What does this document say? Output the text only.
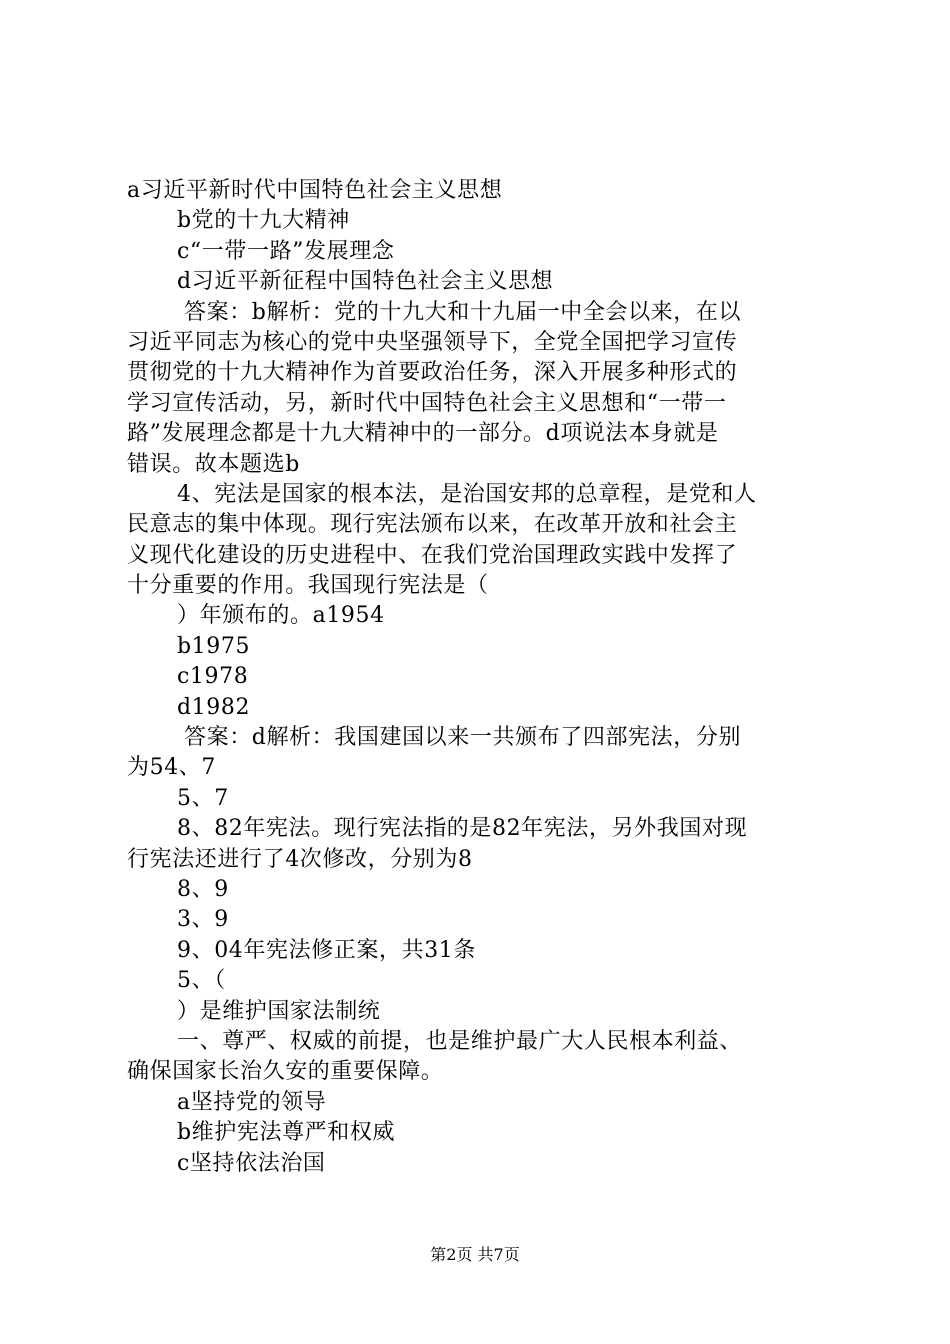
a习近平新时代中国特色社会主义思想
b党的十九大精神
c“一带一路”发展理念
d习近平新征程中国特色社会主义思想
答案：b解析：党的十九大和十九届一中全会以来，在以
习近平同志为核心的党中央坚强领导下，全党全国把学习宣传
贯彻党的十九大精神作为首要政治任务，深入开展多种形式的
学习宣传活动，另，新时代中国特色社会主义思想和“一带一
路”发展理念都是十九大精神中的一部分。d项说法本身就是
错误。故本题选b
4、宪法是国家的根本法，是治国安邦的总章程，是党和人
民意志的集中体现。现行宪法颁布以来，在改革开放和社会主
义现代化建设的历史进程中、在我们党治国理政实践中发挥了
十分重要的作用。我国现行宪法是（
）年颁布的。a1954
b1975
c1978
d1982
答案：d解析：我国建国以来一共颁布了四部宪法，分别
为54、7
5、7
8、82年宪法。现行宪法指的是82年宪法，另外我国对现
行宪法还进行了4次修改，分别为8
8、9
3、9
9、04年宪法修正案，共31条
5、（
）是维护国家法制统
一、尊严、权威的前提，也是维护最广大人民根本利益、
确保国家长治久安的重要保障。
a坚持党的领导
b维护宪法尊严和权威
c坚持依法治国
第2页 共7页
